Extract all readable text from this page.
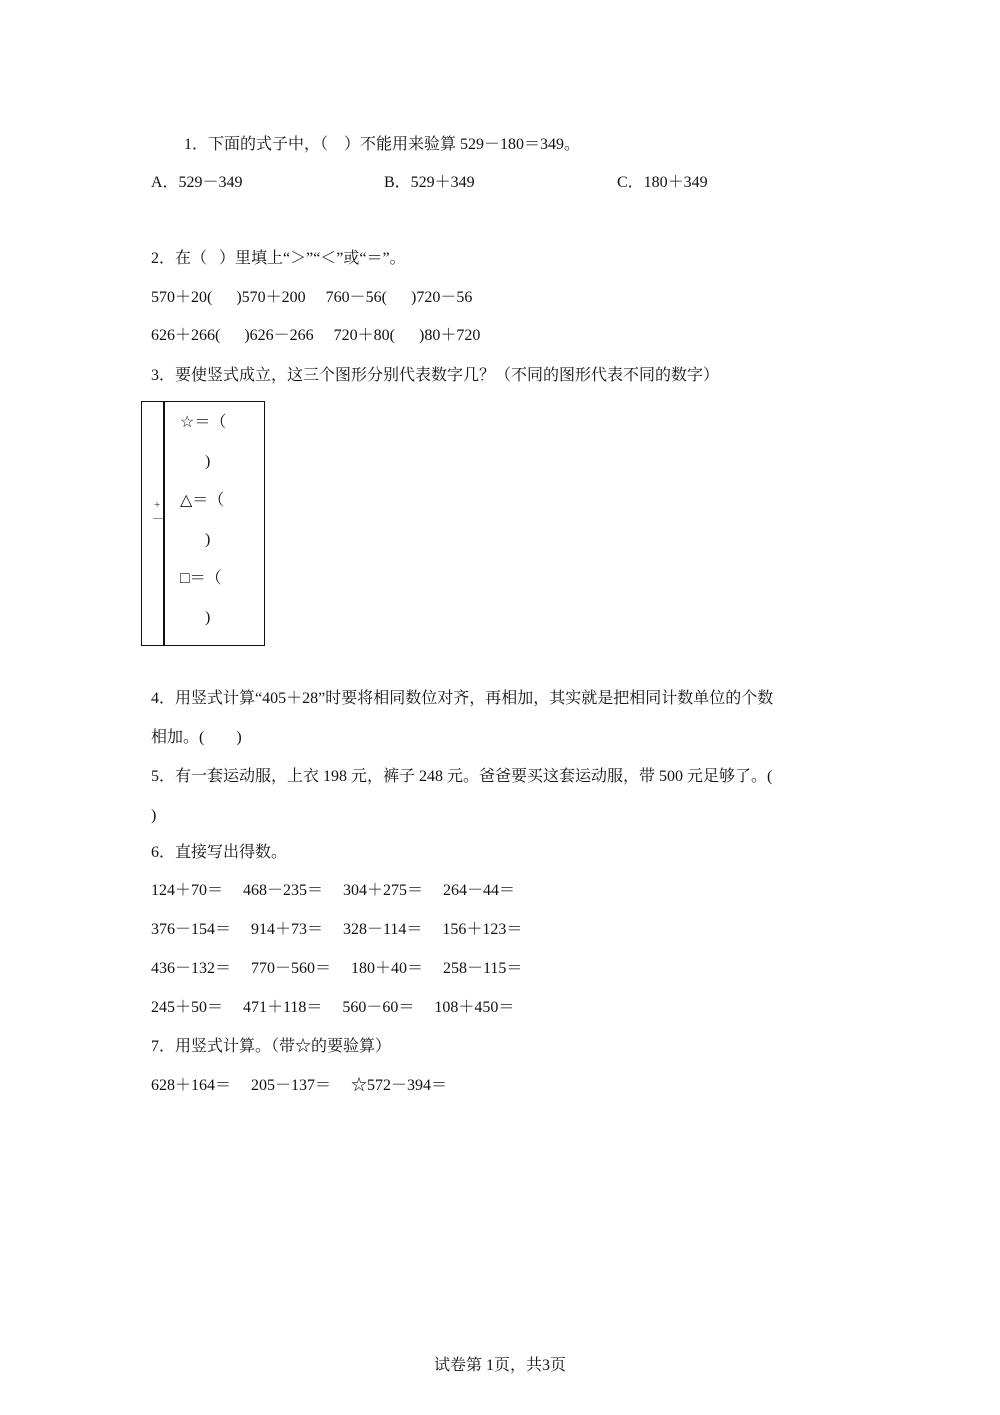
1．下面的式子中，（    ）不能用来验算 529－180＝349。
A．529－349	B．529＋349	C．180＋349
2．在（   ）里填上“＞”“＜”或“＝”。
570＋20(      )570＋200     760－56(      )720－56
626＋266(      )626－266     720＋80(      )80＋720
3．要使竖式成立，这三个图形分别代表数字几？（不同的图形代表不同的数字）
+
—
☆＝（
)
△＝（
)
□＝（
)
4．用竖式计算“405＋28”时要将相同数位对齐，再相加，其实就是把相同计数单位的个数
相加。(        )
5．有一套运动服，上衣 198 元，裤子 248 元。爸爸要买这套运动服，带 500 元足够了。(
)
6．直接写出得数。
124＋70＝     468－235＝     304＋275＝     264－44＝
376－154＝     914＋73＝     328－114＝     156＋123＝
436－132＝     770－560＝     180＋40＝     258－115＝
245＋50＝     471＋118＝     560－60＝     108＋450＝
7．用竖式计算。（带☆的要验算）
628＋164＝     205－137＝     ☆572－394＝
试卷第 1页，共3页
